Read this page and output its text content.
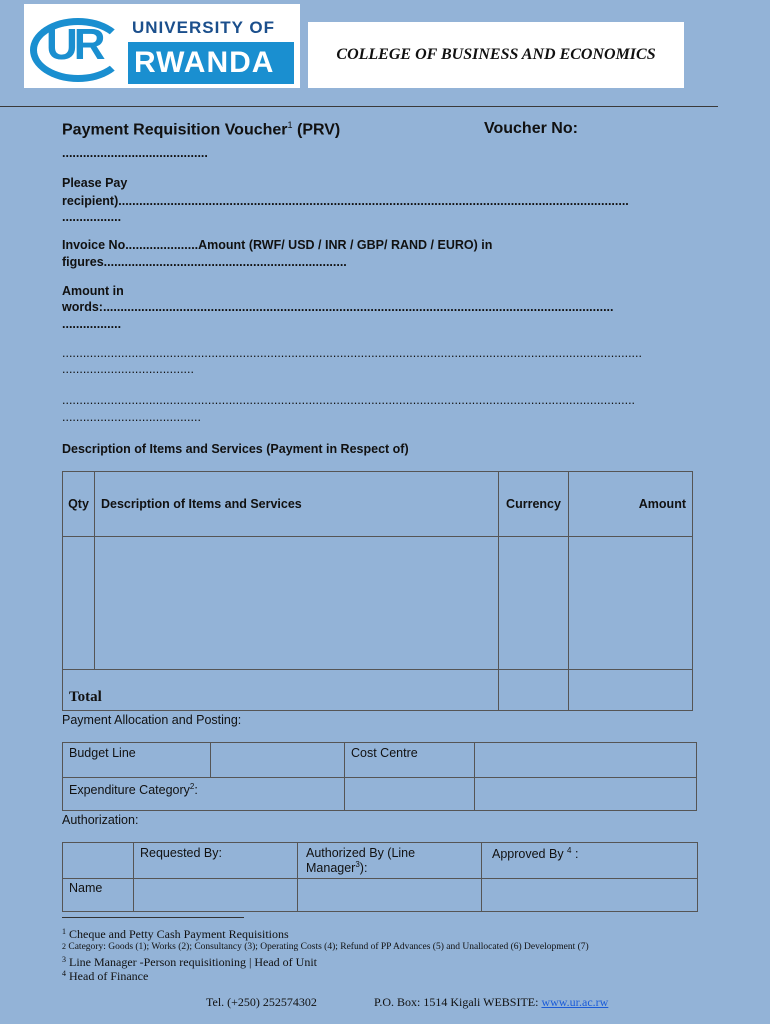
UR UNIVERSITY OF
RWANDA	COLLEGE OF BUSINESS AND ECONOMICS
Payment Requisition Voucher$^1$ (PRV)	Voucher No:
..........................................
Please Pay
recipient)...................................................................................................................................................
.................
Invoice No.....................Amount (RWF/ USD / INR / GBP/ RAND / EURO) in
figures......................................................................
Amount in
words:...................................................................................................................................................
.................
.......................................................................................................................................................................
......................................
.....................................................................................................................................................................
........................................
Description of Items and Services (Payment in Respect of)
Qty	Description of Items and Services	Currency	Amount

Total			
Payment Allocation and Posting:
Budget Line		Cost Centre	
Expenditure Category$^2$:			
Authorization:
	Requested By:	Authorized By (Line Manager$^3$):	Approved By $^4$ :
Name			
$^1$ Cheque and Petty Cash Payment Requisitions
$^2$ Category: Goods (1); Works (2); Consultancy (3); Operating Costs (4); Refund of PP Advances (5) and Unallocated (6) Development (7)
$^3$ Line Manager -Person requisitioning | Head of Unit
$^4$ Head of Finance
Tel. (+250) 252574302	P.O. Box: 1514 Kigali WEBSITE: www.ur.ac.rw
